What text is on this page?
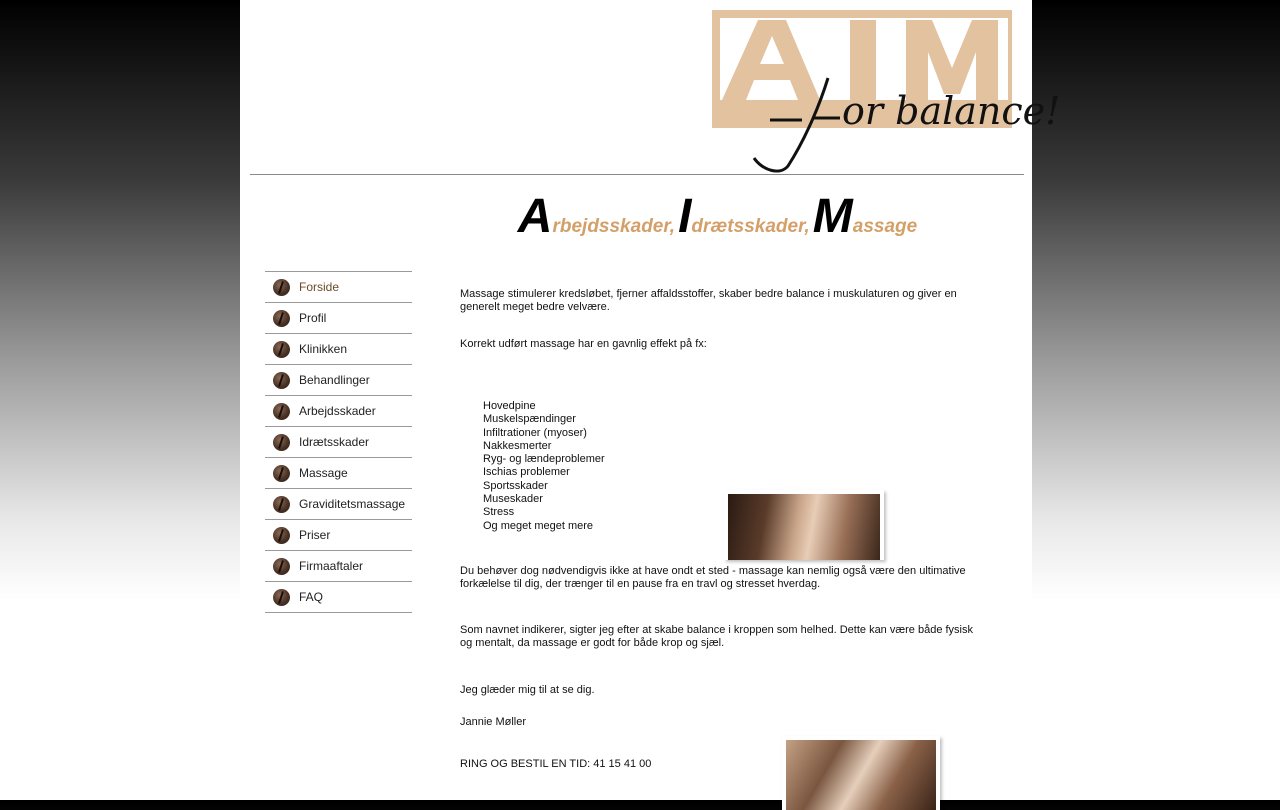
or balance!
Forside
Profil
Klinikken
Behandlinger
Arbejdsskader
Idrætsskader
Massage
Graviditetsmassage
Priser
Firmaaftaler
FAQ
Arbejdsskader, Idrætsskader, Massage

Massage stimulerer kredsløbet, fjerner affaldsstoffer, skaber bedre balance i muskulaturen og giver en generelt meget bedre velvære.

Korrekt udført massage har en gavnlig effekt på fx:

Hovedpine
Muskelspændinger
Infiltrationer (myoser)
Nakkesmerter
Ryg- og lændeproblemer
Ischias problemer
Sportsskader
Museskader
Stress
Og meget meget mere

Du behøver dog nødvendigvis ikke at have ondt et sted - massage kan nemlig også være den ultimative forkælelse til dig, der trænger til en pause fra en travl og stresset hverdag.

Som navnet indikerer, sigter jeg efter at skabe balance i kroppen som helhed. Dette kan være både fysisk og mentalt, da massage er godt for både krop og sjæl.

Jeg glæder mig til at se dig.

Jannie Møller

RING OG BESTIL EN TID: 41 15 41 00
